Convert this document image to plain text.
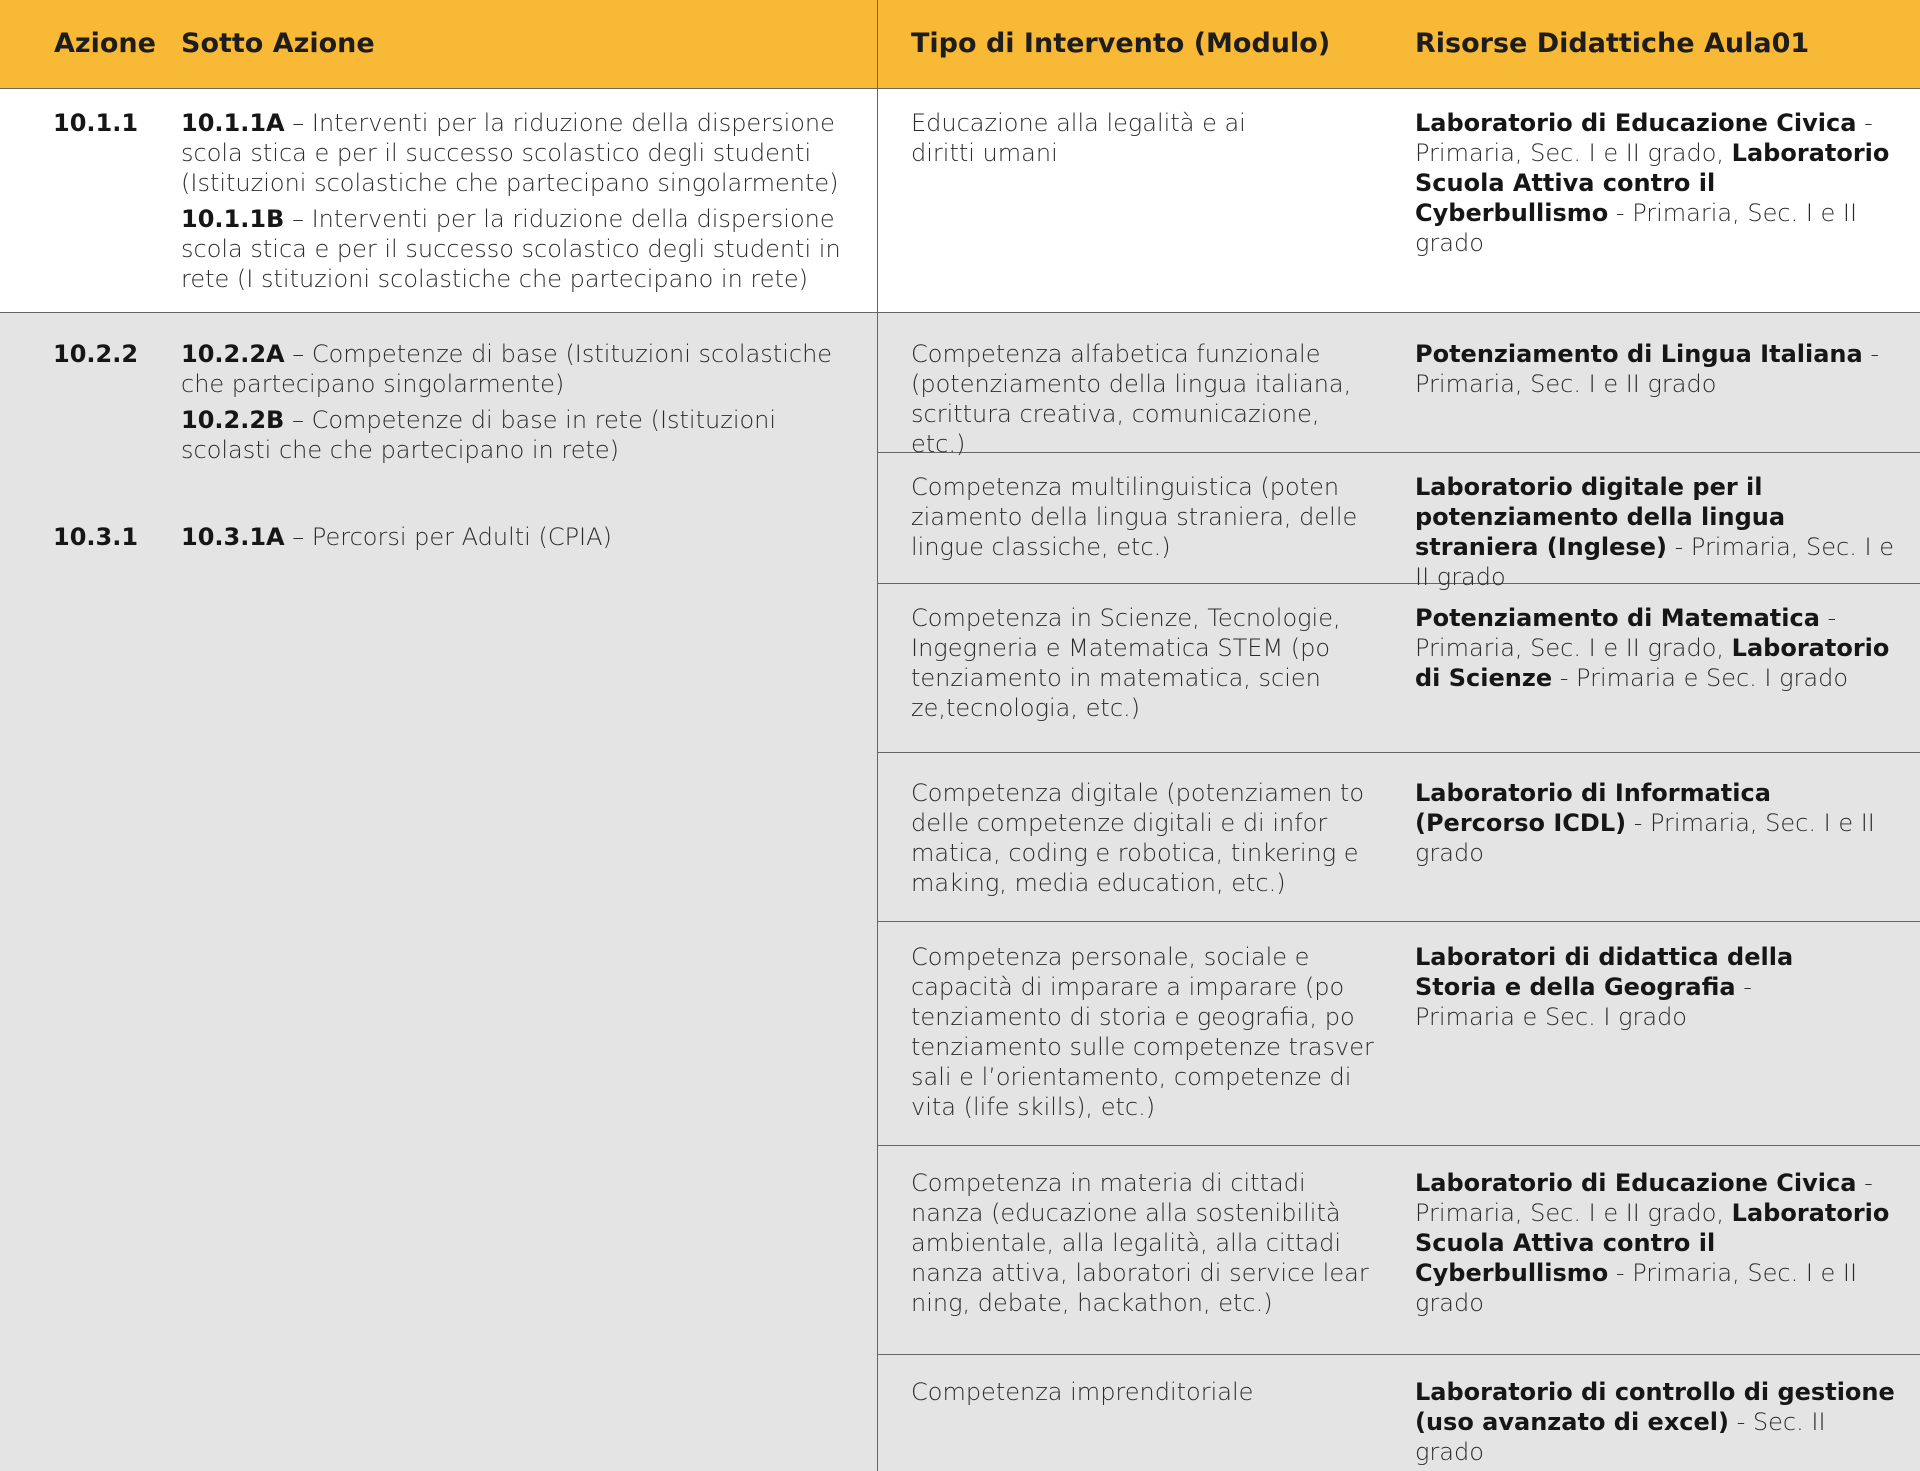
Azione Sotto Azione	Tipo di Intervento (Modulo)	Risorse Didattiche Aula01

10.1.1

10.2.2

10.3.1

10.1.1A – Interventi per la riduzione della dispersione scola stica e per il successo scolastico degli studenti (Istituzioni scolastiche che partecipano singolarmente)

10.1.1B – Interventi per la riduzione della dispersione scola stica e per il successo scolastico degli studenti in rete (I stituzioni scolastiche che partecipano in rete)

10.2.2A – Competenze di base (Istituzioni scolastiche che partecipano singolarmente)

10.2.2B – Competenze di base in rete (Istituzioni scolasti che che partecipano in rete)

10.3.1A – Percorsi per Adulti (CPIA)

Educazione alla legalità e ai diritti umani

Competenza alfabetica funzionale (potenziamento della lingua italiana, scrittura creativa, comunicazione, etc.)

Competenza multilinguistica (poten ziamento della lingua straniera, delle lingue classiche, etc.)

Competenza in Scienze, Tecnologie, Ingegneria e Matematica STEM (po tenziamento in matematica, scien ze,tecnologia, etc.)

Competenza digitale (potenziamen to delle competenze digitali e di infor matica, coding e robotica, tinkering e making, media education, etc.)

Competenza personale, sociale e capacità di imparare a imparare (po tenziamento di storia e geografia, po tenziamento sulle competenze trasver sali e l’orientamento, competenze di vita (life skills), etc.)

Competenza in materia di cittadi nanza (educazione alla sostenibilità ambientale, alla legalità, alla cittadi nanza attiva, laboratori di service lear ning, debate, hackathon, etc.)

Competenza imprenditoriale

Laboratorio di Educazione Civica - Primaria, Sec. I e II grado, Laboratorio Scuola Attiva contro il Cyberbullismo - Primaria, Sec. I e II grado

Potenziamento di Lingua Italiana - Primaria, Sec. I e II grado

Laboratorio digitale per il potenziamento della lingua straniera (Inglese) - Primaria, Sec. I e II grado

Potenziamento di Matematica - Primaria, Sec. I e II grado, Laboratorio di Scienze - Primaria e Sec. I grado

Laboratorio di Informatica (Percorso ICDL) - Primaria, Sec. I e II grado

Laboratori di didattica della Storia e della Geografia - Primaria e Sec. I grado

Laboratorio di Educazione Civica - Primaria, Sec. I e II grado, Laboratorio Scuola Attiva contro il Cyberbullismo - Primaria, Sec. I e II grado

Laboratorio di controllo di gestione (uso avanzato di excel) - Sec. II grado
